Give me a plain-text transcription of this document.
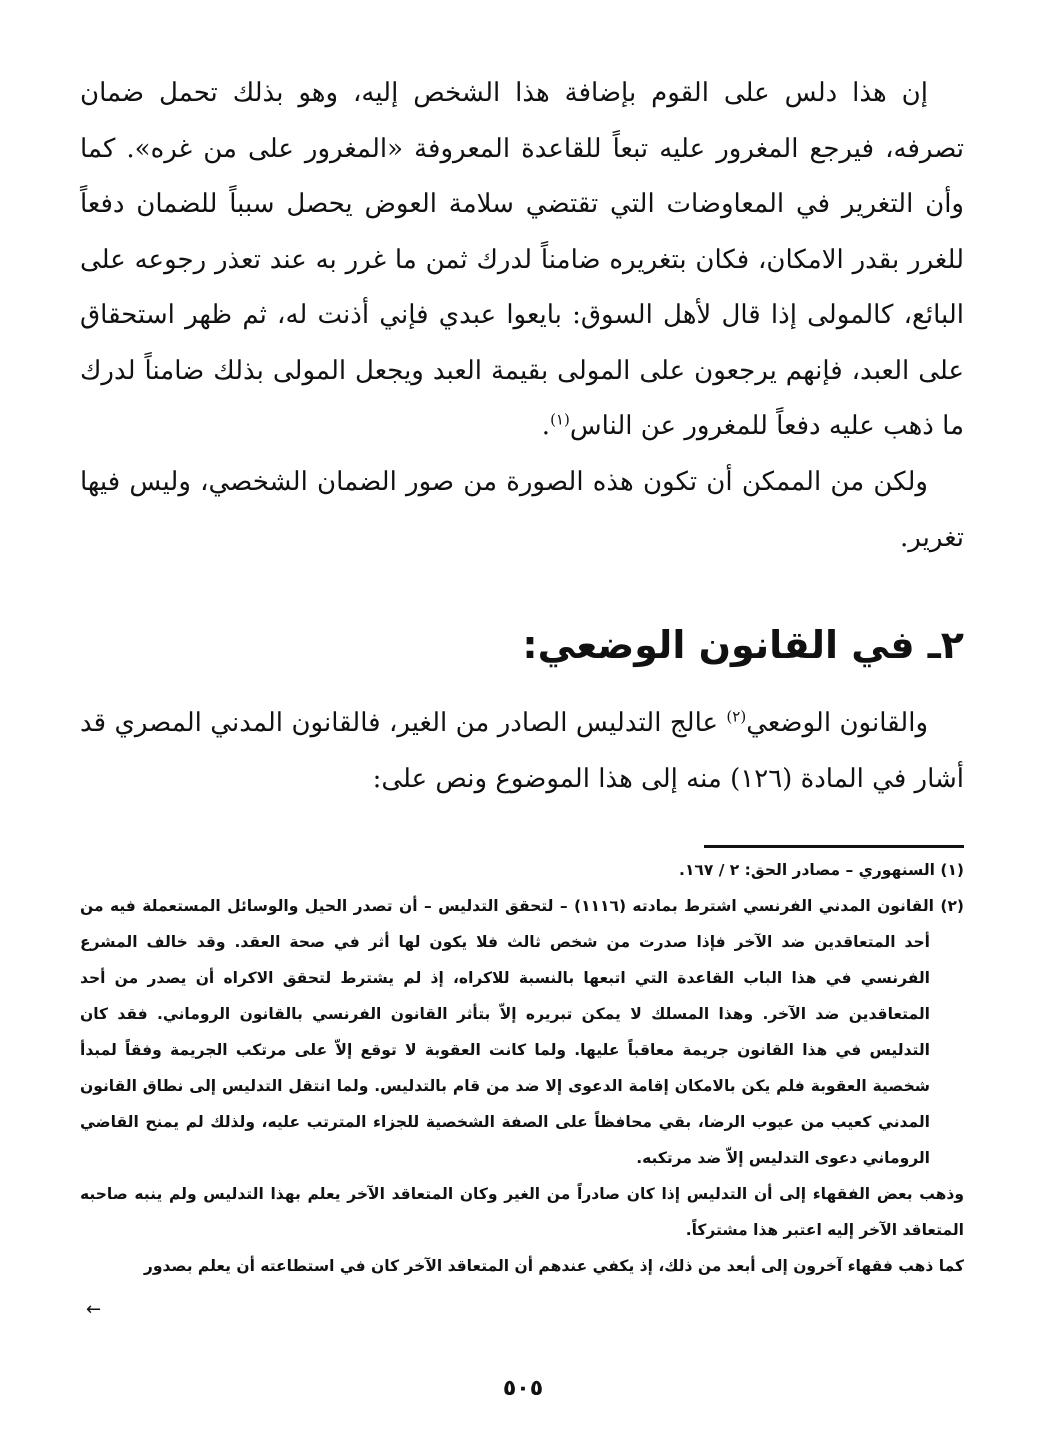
إن هذا دلس على القوم بإضافة هذا الشخص إليه، وهو بذلك تحمل ضمان تصرفه، فيرجع المغرور عليه تبعاً للقاعدة المعروفة «المغرور على من غره». كما وأن التغرير في المعاوضات التي تقتضي سلامة العوض يحصل سبباً للضمان دفعاً للغرر بقدر الامكان، فكان بتغريره ضامناً لدرك ثمن ما غرر به عند تعذر رجوعه على البائع، كالمولى إذا قال لأهل السوق: بايعوا عبدي فإني أذنت له، ثم ظهر استحقاق على العبد، فإنهم يرجعون على المولى بقيمة العبد ويجعل المولى بذلك ضامناً لدرك ما ذهب عليه دفعاً للمغرور عن الناس$^{(١)}$.

ولكن من الممكن أن تكون هذه الصورة من صور الضمان الشخصي، وليس فيها تغرير.

٢ـ في القانون الوضعي:

والقانون الوضعي$^{(٢)}$ عالج التدليس الصادر من الغير، فالقانون المدني المصري قد أشار في المادة (١٢٦) منه إلى هذا الموضوع ونص على:

(١) السنهوري – مصادر الحق: ٢ / ١٦٧.

(٢) القانون المدني الفرنسي اشترط بمادته (١١١٦) – لتحقق التدليس – أن تصدر الحيل والوسائل المستعملة فيه من أحد المتعاقدين ضد الآخر فإذا صدرت من شخص ثالث فلا يكون لها أثر في صحة العقد. وقد خالف المشرع الفرنسي في هذا الباب القاعدة التي اتبعها بالنسبة للاكراه، إذ لم يشترط لتحقق الاكراه أن يصدر من أحد المتعاقدين ضد الآخر. وهذا المسلك لا يمكن تبريره إلاّ بتأثر القانون الفرنسي بالقانون الروماني. فقد كان التدليس في هذا القانون جريمة معاقباً عليها. ولما كانت العقوبة لا توقع إلاّ على مرتكب الجريمة وفقاً لمبدأ شخصية العقوبة فلم يكن بالامكان إقامة الدعوى إلا ضد من قام بالتدليس. ولما انتقل التدليس إلى نطاق القانون المدني كعيب من عيوب الرضا، بقي محافظاً على الصفة الشخصية للجزاء المترتب عليه، ولذلك لم يمنح القاضي الروماني دعوى التدليس إلاّ ضد مرتكبه.

وذهب بعض الفقهاء إلى أن التدليس إذا كان صادراً من الغير وكان المتعاقد الآخر يعلم بهذا التدليس ولم ينبه صاحبه المتعاقد الآخر إليه اعتبر هذا مشتركاً.

كما ذهب فقهاء آخرون إلى أبعد من ذلك، إذ يكفي عندهم أن المتعاقد الآخر كان في استطاعته أن يعلم بصدور

←
٥٠٥
